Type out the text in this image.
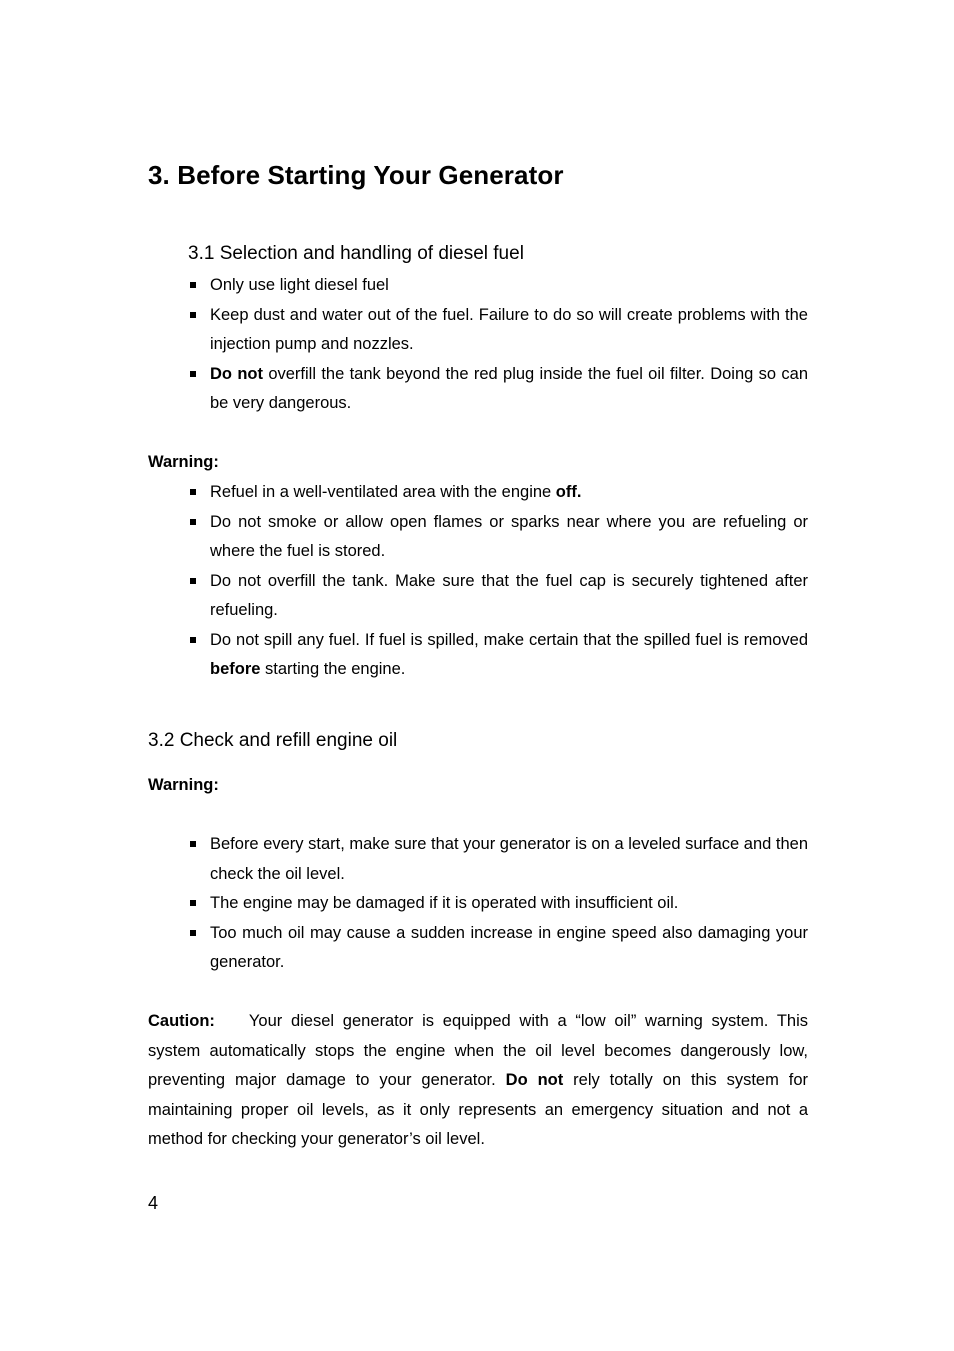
3. Before Starting Your Generator
3.1 Selection and handling of diesel fuel
Only use light diesel fuel
Keep dust and water out of the fuel. Failure to do so will create problems with the injection pump and nozzles.
Do not overfill the tank beyond the red plug inside the fuel oil filter. Doing so can be very dangerous.
Warning:
Refuel in a well-ventilated area with the engine off.
Do not smoke or allow open flames or sparks near where you are refueling or where the fuel is stored.
Do not overfill the tank. Make sure that the fuel cap is securely tightened after refueling.
Do not spill any fuel. If fuel is spilled, make certain that the spilled fuel is removed before starting the engine.
3.2 Check and refill engine oil
Warning:
Before every start, make sure that your generator is on a leveled surface and then check the oil level.
The engine may be damaged if it is operated with insufficient oil.
Too much oil may cause a sudden increase in engine speed also damaging your generator.
Caution: Your diesel generator is equipped with a “low oil” warning system. This system automatically stops the engine when the oil level becomes dangerously low, preventing major damage to your generator. Do not rely totally on this system for maintaining proper oil levels, as it only represents an emergency situation and not a method for checking your generator’s oil level.
4
